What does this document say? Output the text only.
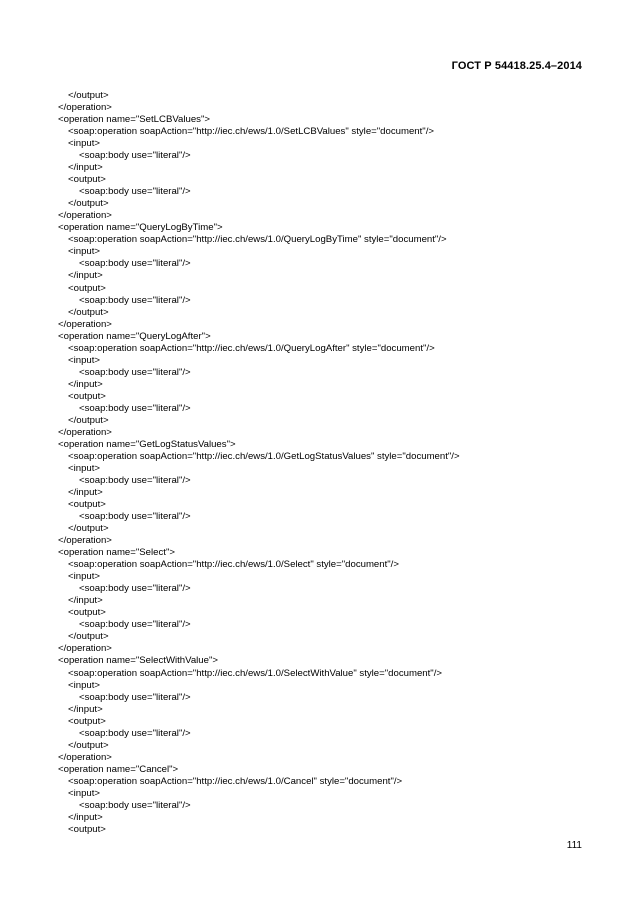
ГОСТ Р 54418.25.4–2014
</output>
</operation>
<operation name="SetLCBValues">
<soap:operation soapAction="http://iec.ch/ews/1.0/SetLCBValues" style="document"/>
<input>
<soap:body use="literal"/>
</input>
<output>
<soap:body use="literal"/>
</output>
</operation>
<operation name="QueryLogByTime">
<soap:operation soapAction="http://iec.ch/ews/1.0/QueryLogByTime" style="document"/>
<input>
<soap:body use="literal"/>
</input>
<output>
<soap:body use="literal"/>
</output>
</operation>
<operation name="QueryLogAfter">
<soap:operation soapAction="http://iec.ch/ews/1.0/QueryLogAfter" style="document"/>
<input>
<soap:body use="literal"/>
</input>
<output>
<soap:body use="literal"/>
</output>
</operation>
<operation name="GetLogStatusValues">
<soap:operation soapAction="http://iec.ch/ews/1.0/GetLogStatusValues" style="document"/>
<input>
<soap:body use="literal"/>
</input>
<output>
<soap:body use="literal"/>
</output>
</operation>
<operation name="Select">
<soap:operation soapAction="http://iec.ch/ews/1.0/Select" style="document"/>
<input>
<soap:body use="literal"/>
</input>
<output>
<soap:body use="literal"/>
</output>
</operation>
<operation name="SelectWithValue">
<soap:operation soapAction="http://iec.ch/ews/1.0/SelectWithValue" style="document"/>
<input>
<soap:body use="literal"/>
</input>
<output>
<soap:body use="literal"/>
</output>
</operation>
<operation name="Cancel">
<soap:operation soapAction="http://iec.ch/ews/1.0/Cancel" style="document"/>
<input>
<soap:body use="literal"/>
</input>
<output>
111
